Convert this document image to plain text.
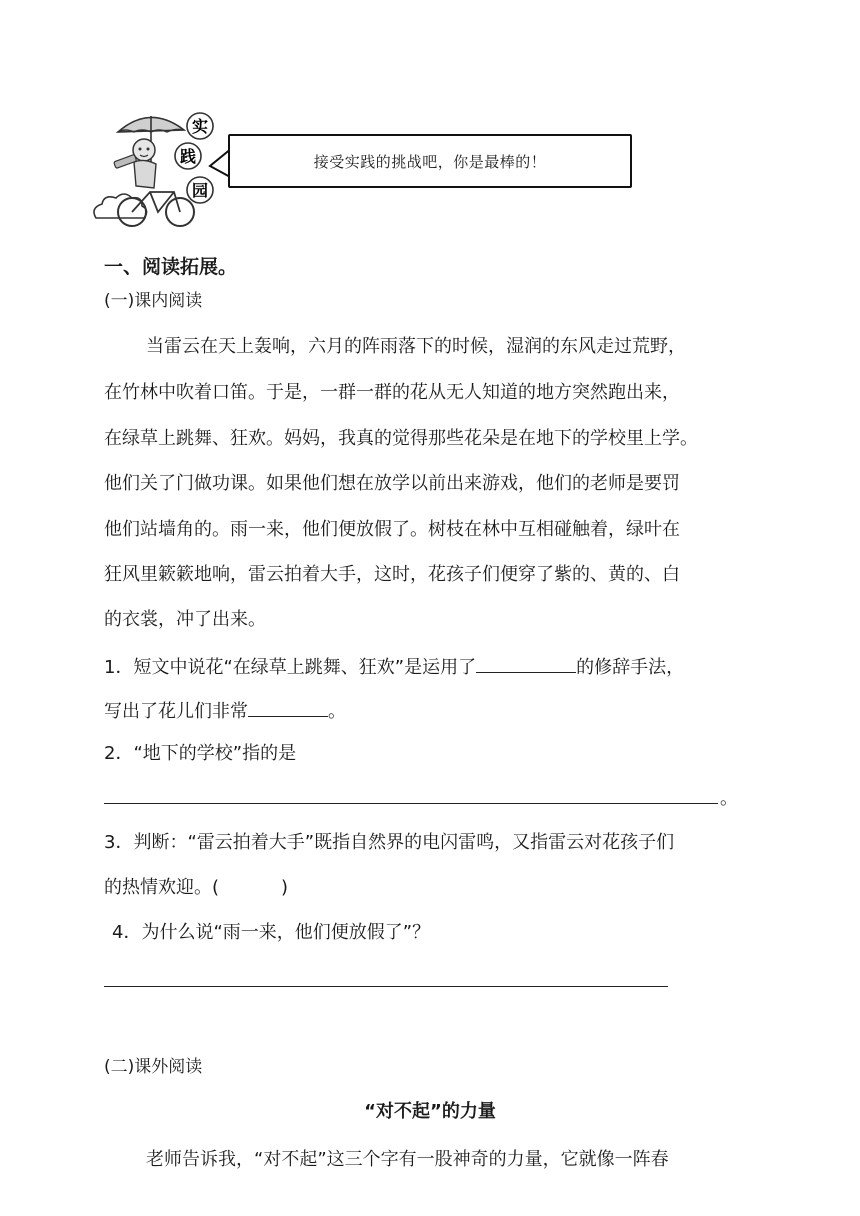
实
践
园
接受实践的挑战吧，你是最棒的！
一、阅读拓展。
(一)课内阅读
当雷云在天上轰响，六月的阵雨落下的时候，湿润的东风走过荒野，
在竹林中吹着口笛。于是，一群一群的花从无人知道的地方突然跑出来，
在绿草上跳舞、狂欢。妈妈，我真的觉得那些花朵是在地下的学校里上学。
他们关了门做功课。如果他们想在放学以前出来游戏，他们的老师是要罚
他们站墙角的。雨一来，他们便放假了。树枝在林中互相碰触着，绿叶在
狂风里簌簌地响，雷云拍着大手，这时，花孩子们便穿了紫的、黄的、白
的衣裳，冲了出来。
1．短文中说花“在绿草上跳舞、狂欢”是运用了	的修辞手法，
写出了花儿们非常	。
2．“地下的学校”指的是
。
3．判断：“雷云拍着大手”既指自然界的电闪雷鸣，又指雷云对花孩子们
的热情欢迎。(	)
4．为什么说“雨一来，他们便放假了”？
(二)课外阅读
“对不起”的力量
老师告诉我，“对不起”这三个字有一股神奇的力量，它就像一阵春
